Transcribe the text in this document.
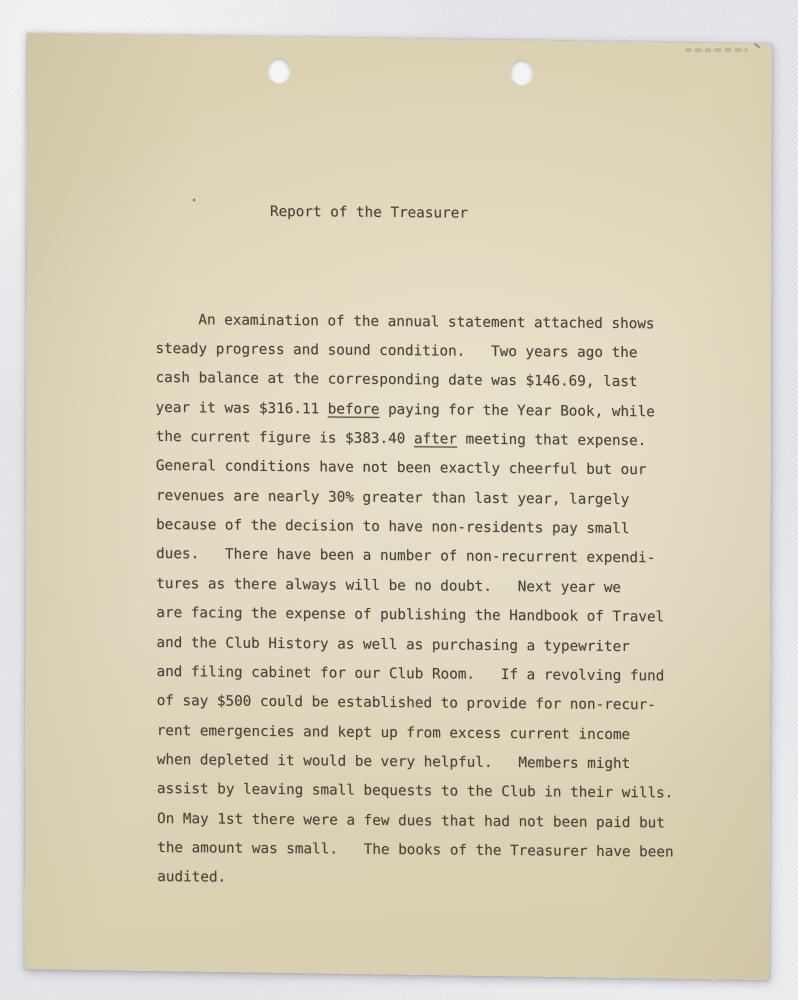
Report of the Treasurer

An examination of the annual statement attached shows
steady progress and sound condition.   Two years ago the
cash balance at the corresponding date was $146.69, last
year it was $316.11 before paying for the Year Book, while
the current figure is $383.40 after meeting that expense.
General conditions have not been exactly cheerful but our
revenues are nearly 30% greater than last year, largely
because of the decision to have non-residents pay small
dues.   There have been a number of non-recurrent expendi-
tures as there always will be no doubt.   Next year we
are facing the expense of publishing the Handbook of Travel
and the Club History as well as purchasing a typewriter
and filing cabinet for our Club Room.   If a revolving fund
of say $500 could be established to provide for non-recur-
rent emergencies and kept up from excess current income
when depleted it would be very helpful.   Members might
assist by leaving small bequests to the Club in their wills.
On May 1st there were a few dues that had not been paid but
the amount was small.   The books of the Treasurer have been
audited.
